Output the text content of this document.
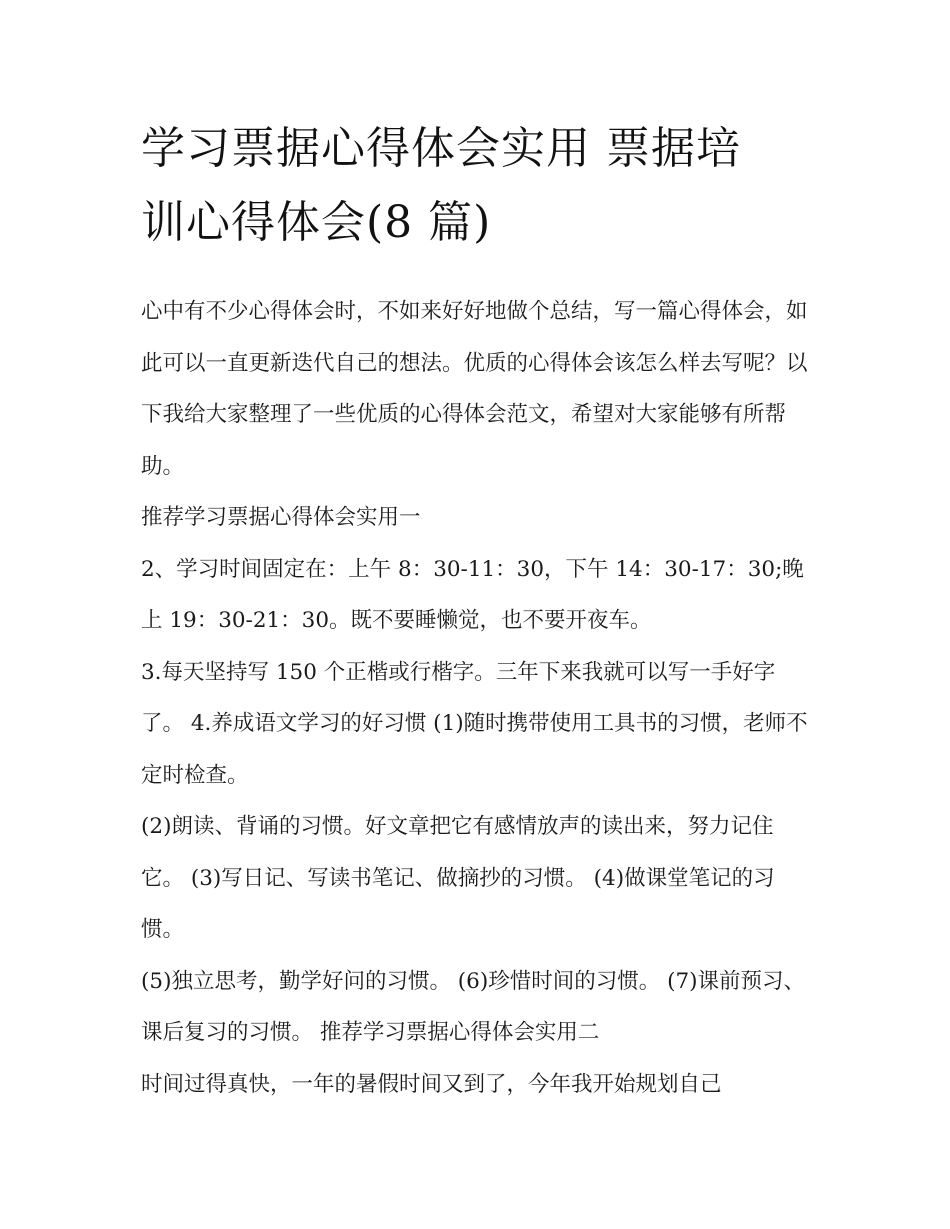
学习票据心得体会实用 票据培
训心得体会(8 篇)

心中有不少心得体会时，不如来好好地做个总结，写一篇心得体会，如此可以一直更新迭代自己的想法。优质的心得体会该怎么样去写呢？以下我给大家整理了一些优质的心得体会范文，希望对大家能够有所帮助。

推荐学习票据心得体会实用一

2、学习时间固定在：上午 8：30-11：30，下午 14：30-17：30;晚上 19：30-21：30。既不要睡懒觉，也不要开夜车。

3.每天坚持写 150 个正楷或行楷字。三年下来我就可以写一手好字了。 4.养成语文学习的好习惯 (1)随时携带使用工具书的习惯，老师不定时检查。

(2)朗读、背诵的习惯。好文章把它有感情放声的读出来，努力记住它。 (3)写日记、写读书笔记、做摘抄的习惯。 (4)做课堂笔记的习惯。

(5)独立思考，勤学好问的习惯。 (6)珍惜时间的习惯。 (7)课前预习、课后复习的习惯。 推荐学习票据心得体会实用二

时间过得真快，一年的暑假时间又到了，今年我开始规划自己
